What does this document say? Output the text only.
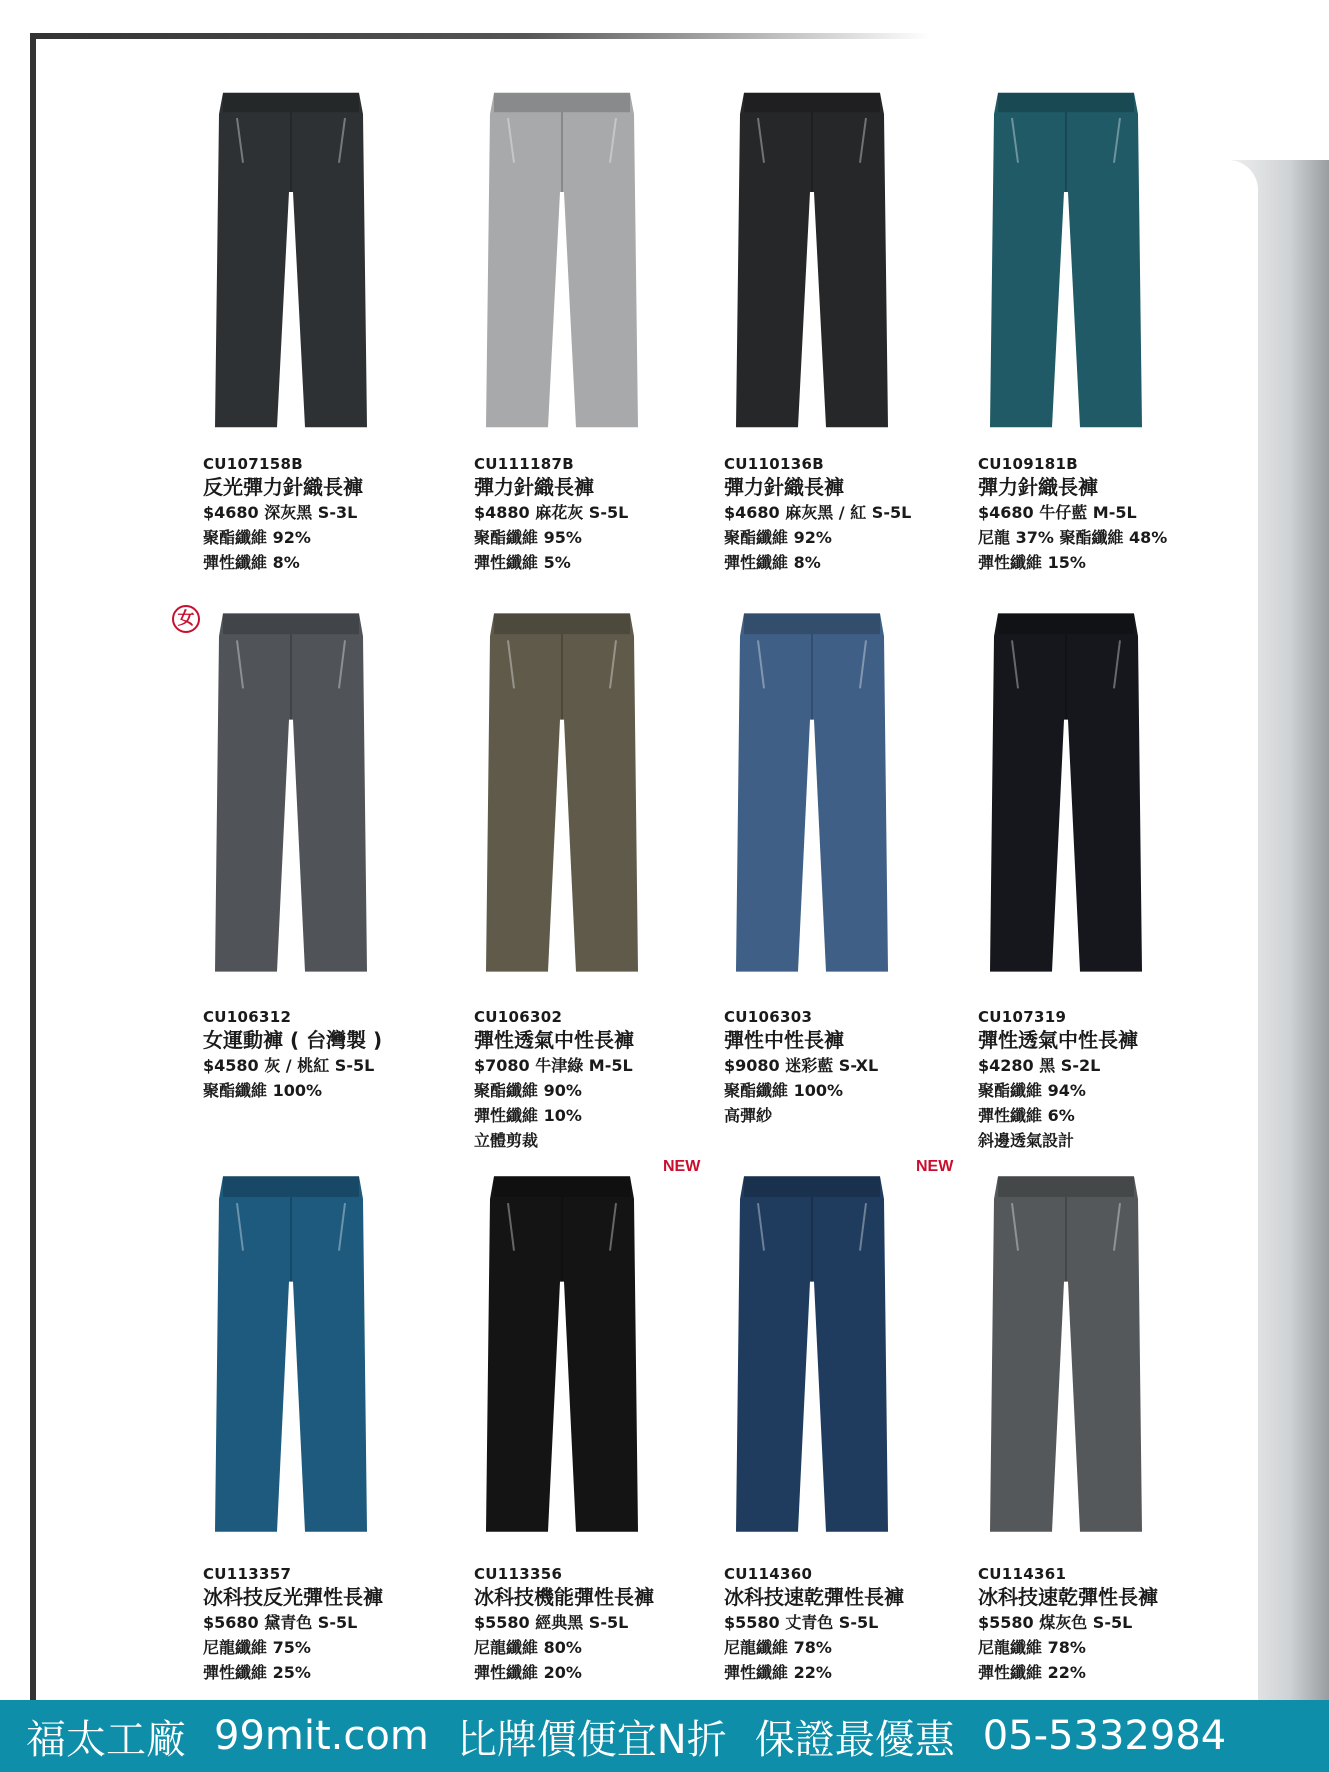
CU107158B
反光彈力針織長褲
$4680 深灰黑 S-3L
聚酯纖維 92%
彈性纖維 8%
CU111187B
彈力針織長褲
$4880 麻花灰 S-5L
聚酯纖維 95%
彈性纖維 5%
CU110136B
彈力針織長褲
$4680 麻灰黑 / 紅 S-5L
聚酯纖維 92%
彈性纖維 8%
CU109181B
彈力針織長褲
$4680 牛仔藍 M-5L
尼龍 37% 聚酯纖維 48%
彈性纖維 15%
CU106312
女運動褲 ( 台灣製 )
$4580 灰 / 桃紅 S-5L
聚酯纖維 100%
CU106302
彈性透氣中性長褲
$7080 牛津綠 M-5L
聚酯纖維 90%
彈性纖維 10%
立體剪裁
CU106303
彈性中性長褲
$9080 迷彩藍 S-XL
聚酯纖維 100%
高彈紗
CU107319
彈性透氣中性長褲
$4280 黑 S-2L
聚酯纖維 94%
彈性纖維 6%
斜邊透氣設計
CU113357
冰科技反光彈性長褲
$5680 黛青色 S-5L
尼龍纖維 75%
彈性纖維 25%
CU113356
冰科技機能彈性長褲
$5580 經典黑 S-5L
尼龍纖維 80%
彈性纖維 20%
CU114360
冰科技速乾彈性長褲
$5580 丈青色 S-5L
尼龍纖維 78%
彈性纖維 22%
CU114361
冰科技速乾彈性長褲
$5580 煤灰色 S-5L
尼龍纖維 78%
彈性纖維 22%
女
NEW	NEW
福太工廠 99mit.com 比牌價便宜N折 保證最優惠 05-5332984
